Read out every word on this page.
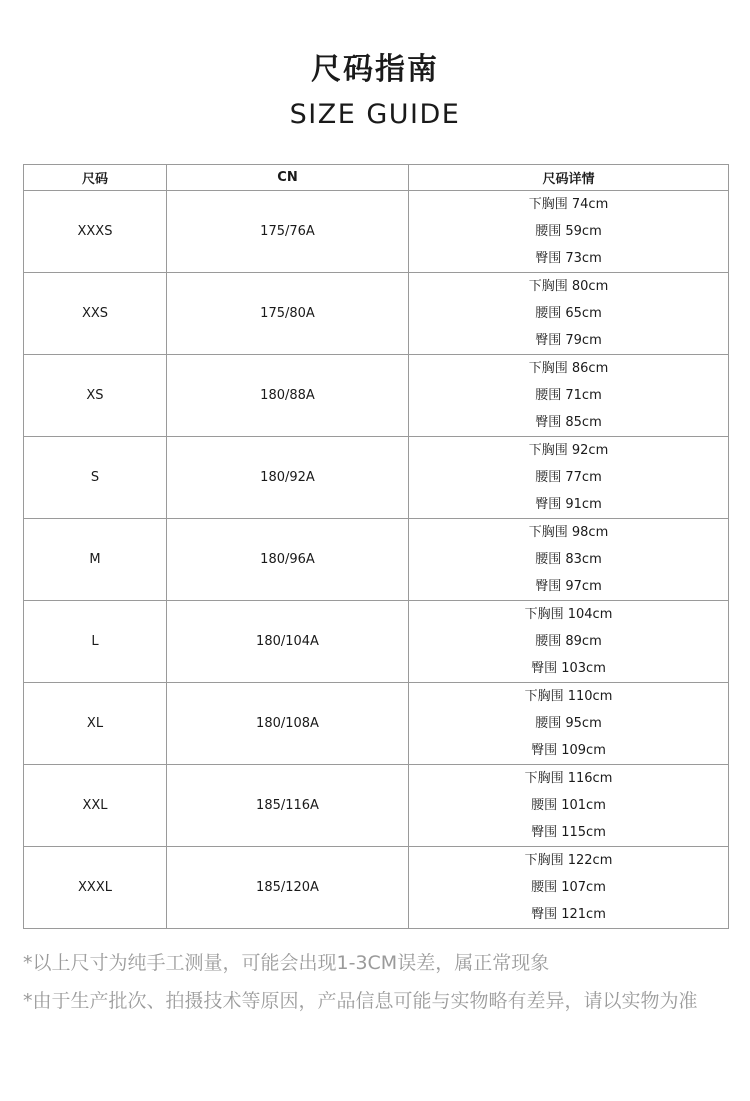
尺码指南
SIZE GUIDE
尺码	CN	尺码详情
XXXS	175/76A	下胸围 74cm
腰围 59cm
臀围 73cm

XXS	175/80A	下胸围 80cm
腰围 65cm
臀围 79cm

XS	180/88A	下胸围 86cm
腰围 71cm
臀围 85cm

S	180/92A	下胸围 92cm
腰围 77cm
臀围 91cm

M	180/96A	下胸围 98cm
腰围 83cm
臀围 97cm

L	180/104A	下胸围 104cm
腰围 89cm
臀围 103cm

XL	180/108A	下胸围 110cm
腰围 95cm
臀围 109cm

XXL	185/116A	下胸围 116cm
腰围 101cm
臀围 115cm

XXXL	185/120A	下胸围 122cm
腰围 107cm
臀围 121cm
*以上尺寸为纯手工测量，可能会出现1-3CM误差，属正常现象
*由于生产批次、拍摄技术等原因，产品信息可能与实物略有差异，请以实物为准
